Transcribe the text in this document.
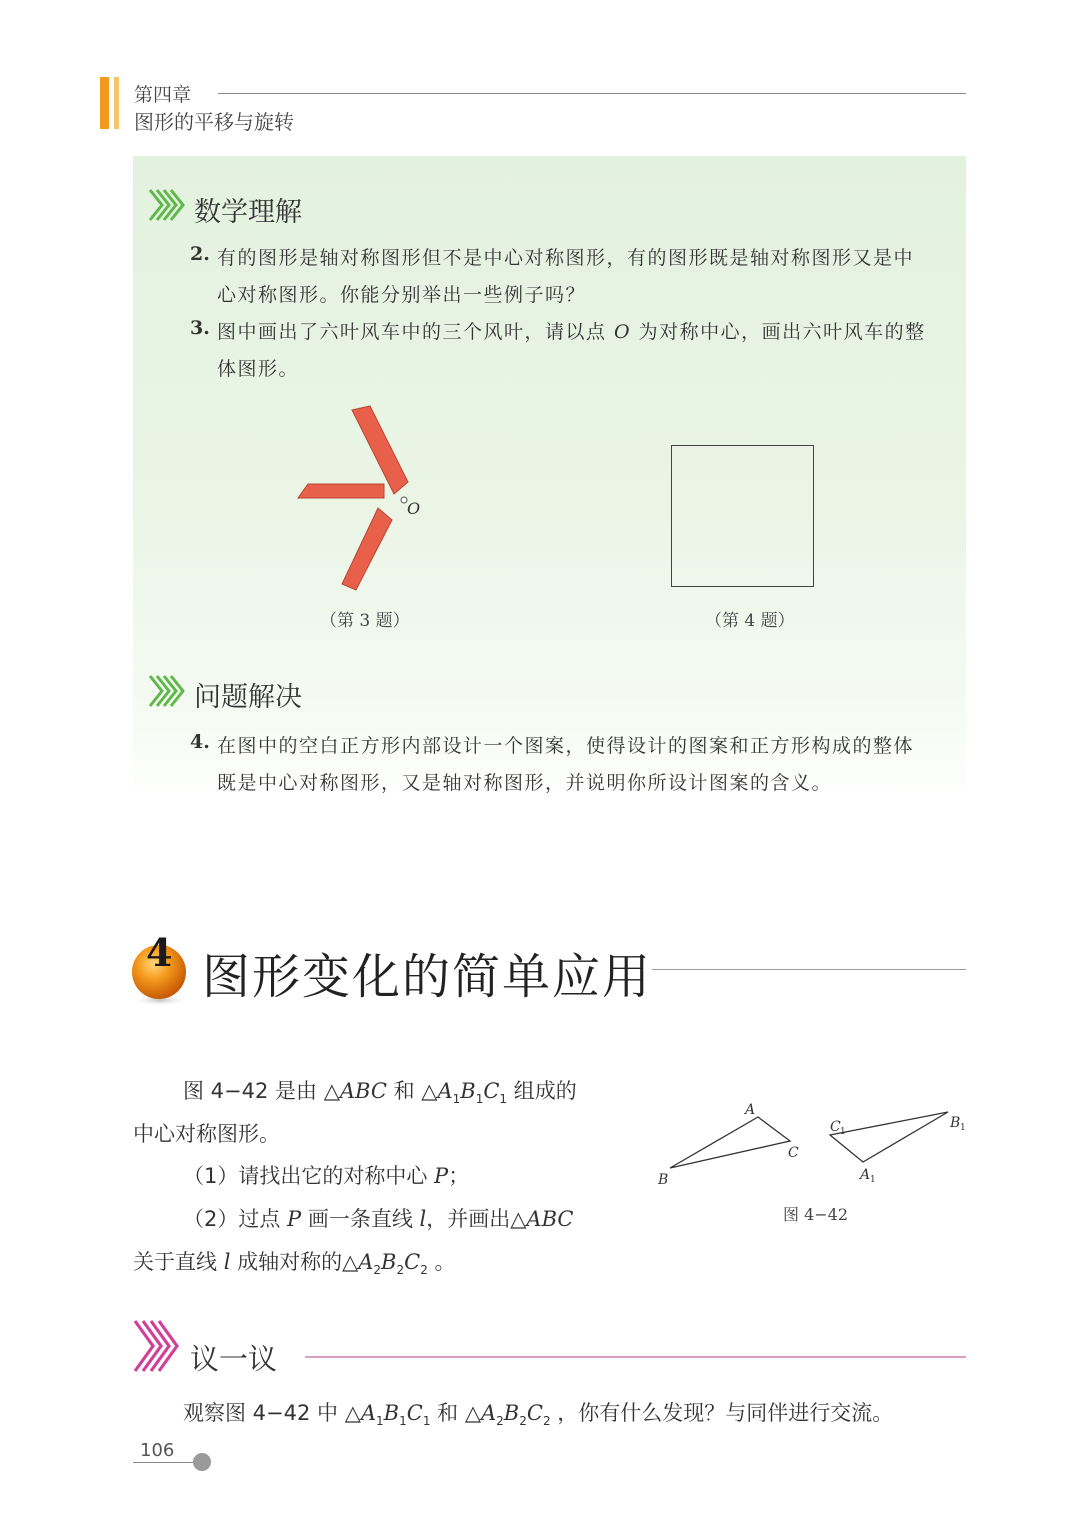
第四章
图形的平移与旋转
数学理解
2. 有的图形是轴对称图形但不是中心对称图形，有的图形既是轴对称图形又是中
心对称图形。你能分别举出一些例子吗？
3. 图中画出了六叶风车中的三个风叶，请以点 O 为对称中心，画出六叶风车的整
体图形。
O
（第 3 题）	（第 4 题）
问题解决
4. 在图中的空白正方形内部设计一个图案，使得设计的图案和正方形构成的整体
既是中心对称图形，又是轴对称图形，并说明你所设计图案的含义。
4 图形变化的简单应用
图 4−42 是由 △ABC 和 $\triangle A_1B_1C_1$ 组成的
中心对称图形。
（1）请找出它的对称中心 P；
（2）过点 P 画一条直线 l，并画出△ABC
关于直线 l 成轴对称的$\triangle A_2B_2C_2$ 。
A
B
C
C	B
A
1	1
1
图 4−42
议一议
观察图 4−42 中 $\triangle A_1B_1C_1$ 和 $\triangle A_2B_2C_2$ ，你有什么发现？与同伴进行交流。
106
